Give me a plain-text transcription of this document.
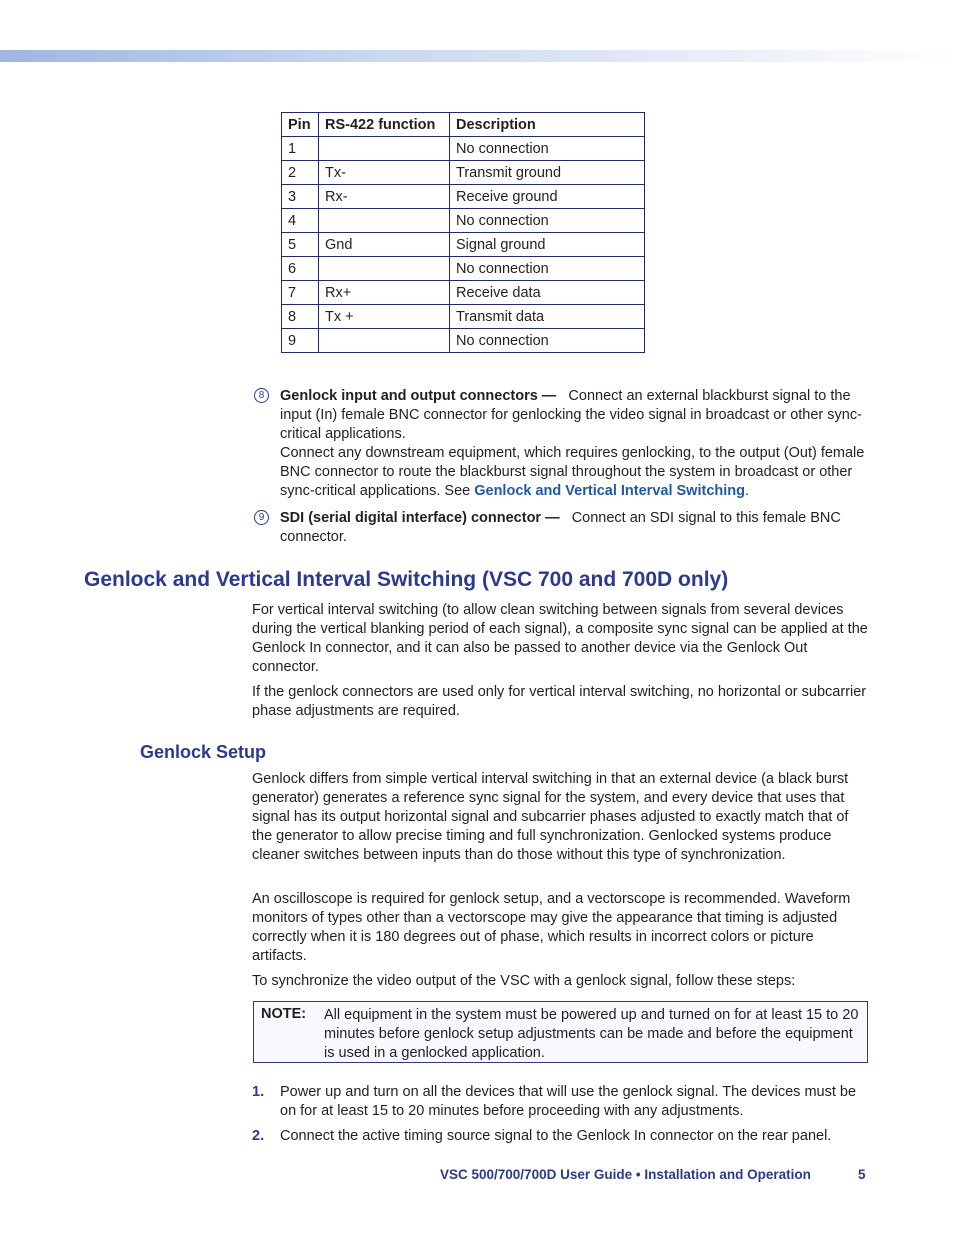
Pin	RS-422 function	Description
1		No connection
2	Tx-	Transmit ground
3	Rx-	Receive ground
4		No connection
5	Gnd	Signal ground
6		No connection
7	Rx+	Receive data
8	Tx +	Transmit data
9		No connection
8	Genlock input and output connectors — Connect an external blackburst signal to the input (In) female BNC connector for genlocking the video signal in broadcast or other sync-critical applications.
Connect any downstream equipment, which requires genlocking, to the output (Out) female BNC connector to route the blackburst signal throughout the system in broadcast or other sync-critical applications. See Genlock and Vertical Interval Switching.
9	SDI (serial digital interface) connector — Connect an SDI signal to this female BNC connector.
Genlock and Vertical Interval Switching (VSC 700 and 700D only)

For vertical interval switching (to allow clean switching between signals from several devices during the vertical blanking period of each signal), a composite sync signal can be applied at the Genlock In connector, and it can also be passed to another device via the Genlock Out connector.

If the genlock connectors are used only for vertical interval switching, no horizontal or subcarrier phase adjustments are required.

Genlock Setup

Genlock differs from simple vertical interval switching in that an external device (a black burst generator) generates a reference sync signal for the system, and every device that uses that signal has its output horizontal signal and subcarrier phases adjusted to exactly match that of the generator to allow precise timing and full synchronization. Genlocked systems produce cleaner switches between inputs than do those without this type of synchronization.

An oscilloscope is required for genlock setup, and a vectorscope is recommended. Waveform monitors of types other than a vectorscope may give the appearance that timing is adjusted correctly when it is 180 degrees out of phase, which results in incorrect colors or picture artifacts.

To synchronize the video output of the VSC with a genlock signal, follow these steps:

NOTE: All equipment in the system must be powered up and turned on for at least 15 to 20 minutes before genlock setup adjustments can be made and before the equipment is used in a genlocked application.
1. Power up and turn on all the devices that will use the genlock signal. The devices must be on for at least 15 to 20 minutes before proceeding with any adjustments.
2. Connect the active timing source signal to the Genlock In connector on the rear panel.
VSC 500/700/700D User Guide • Installation and Operation	5
